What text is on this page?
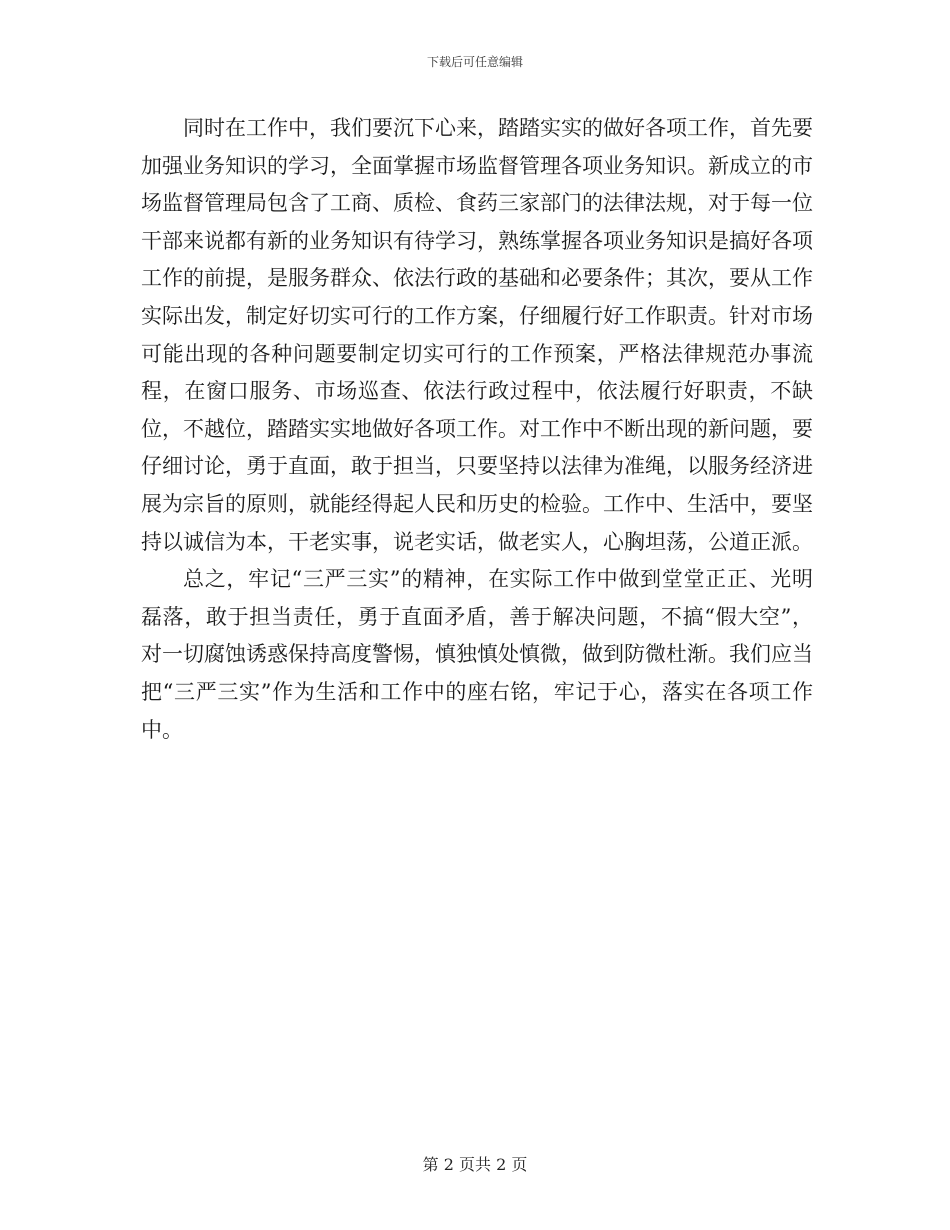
下载后可任意编辑

同时在工作中，我们要沉下心来，踏踏实实的做好各项工作，首先要加强业务知识的学习，全面掌握市场监督管理各项业务知识。新成立的市场监督管理局包含了工商、质检、食药三家部门的法律法规，对于每一位干部来说都有新的业务知识有待学习，熟练掌握各项业务知识是搞好各项工作的前提，是服务群众、依法行政的基础和必要条件；其次，要从工作实际出发，制定好切实可行的工作方案，仔细履行好工作职责。针对市场可能出现的各种问题要制定切实可行的工作预案，严格法律规范办事流程，在窗口服务、市场巡查、依法行政过程中，依法履行好职责，不缺位，不越位，踏踏实实地做好各项工作。对工作中不断出现的新问题，要仔细讨论，勇于直面，敢于担当，只要坚持以法律为准绳，以服务经济进展为宗旨的原则，就能经得起人民和历史的检验。工作中、生活中，要坚持以诚信为本，干老实事，说老实话，做老实人，心胸坦荡，公道正派。

总之，牢记“三严三实”的精神，在实际工作中做到堂堂正正、光明磊落，敢于担当责任，勇于直面矛盾，善于解决问题，不搞“假大空”，对一切腐蚀诱惑保持高度警惕，慎独慎处慎微，做到防微杜渐。我们应当把“三严三实”作为生活和工作中的座右铭，牢记于心，落实在各项工作中。

第 2 页共 2 页
